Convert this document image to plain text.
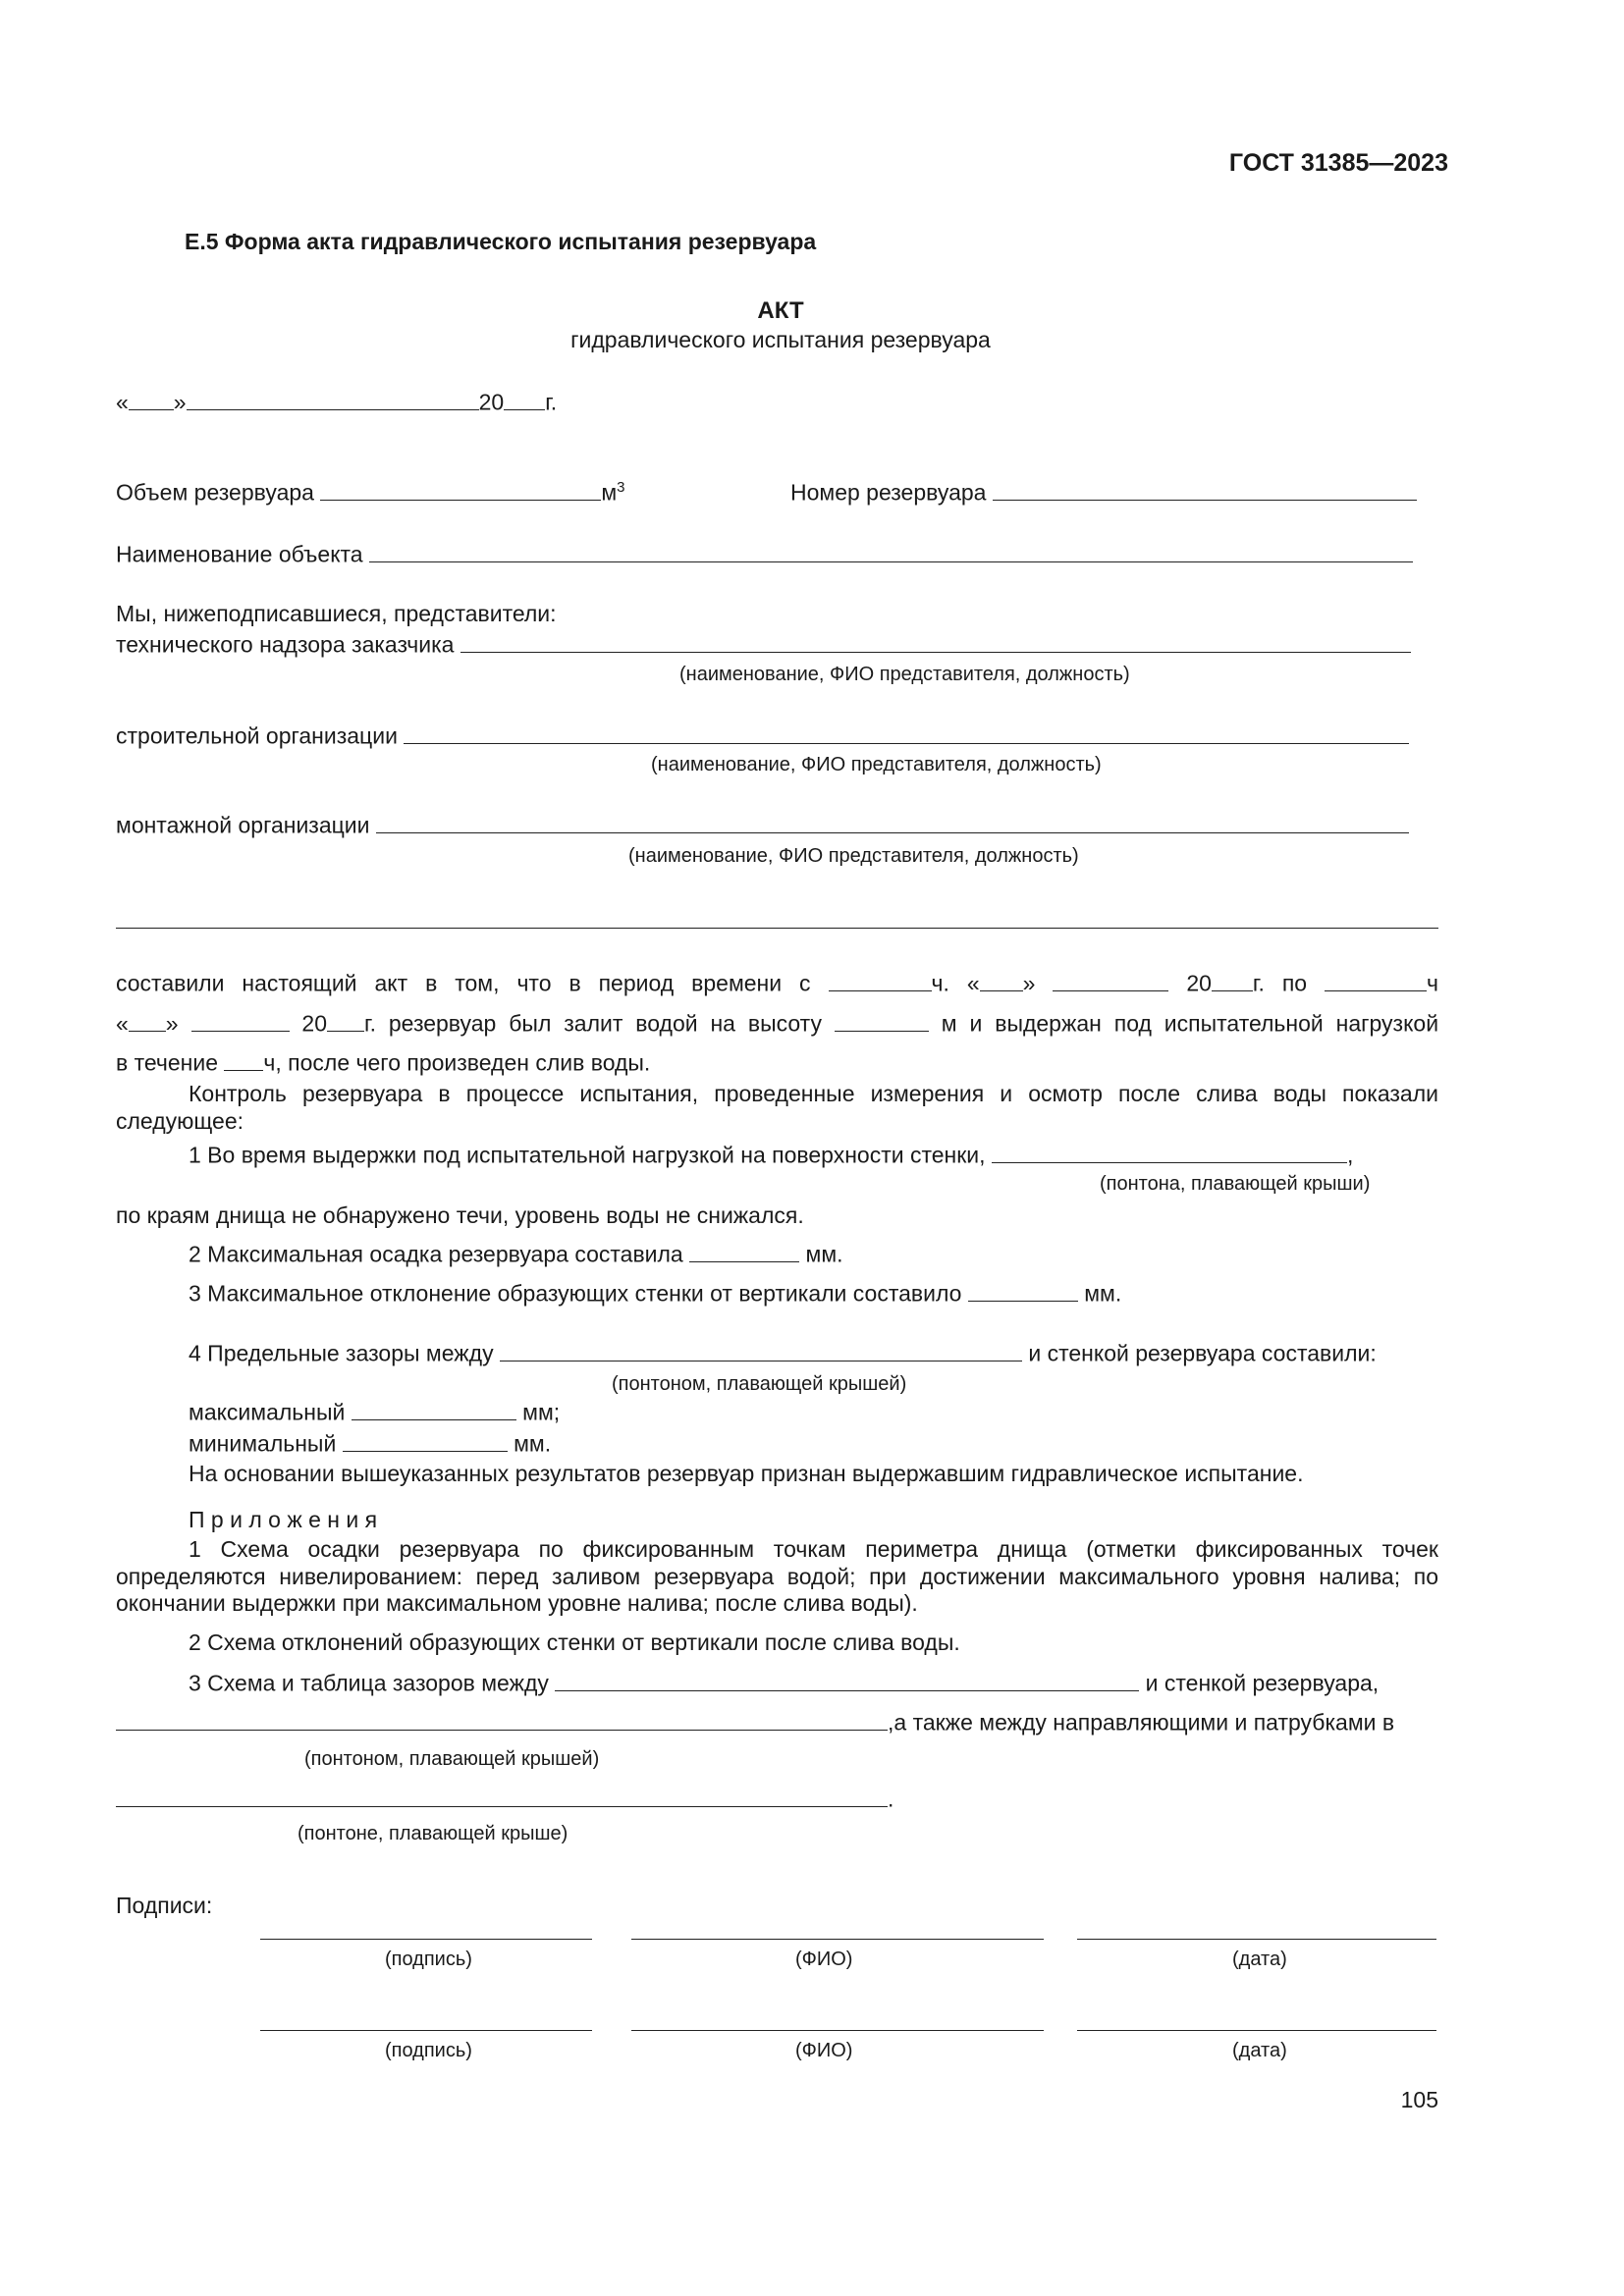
ГОСТ 31385—2023
Е.5 Форма акта гидравлического испытания резервуара
АКТ
гидравлического испытания резервуара
« »	20 г.
Объем резервуара	$м^3$	Номер резервуара
Наименование объекта
Мы, нижеподписавшиеся, представители:
технического надзора заказчика
(наименование, ФИО представителя, должность)
строительной организации
(наименование, ФИО представителя, должность)
монтажной организации
(наименование, ФИО представителя, должность)
составили настоящий акт в том, что в период времени с	ч. « »	20 г. по	ч
« »	20 г. резервуар был залит водой на высоту	м и выдержан под испытательной нагрузкой
в течение ч, после чего произведен слив воды.
Контроль резервуара в процессе испытания, проведенные измерения и осмотр после слива воды показали следующее:
1 Во время выдержки под испытательной нагрузкой на поверхности стенки,	,
(понтона, плавающей крыши)
по краям днища не обнаружено течи, уровень воды не снижался.
2 Максимальная осадка резервуара составила	мм.
3 Максимальное отклонение образующих стенки от вертикали составило	мм.
4 Предельные зазоры между	и стенкой резервуара составили:
(понтоном, плавающей крышей)
максимальный	мм;
минимальный	мм.
На основании вышеуказанных результатов резервуар признан выдержавшим гидравлическое испытание.
П р и л о ж е н и я
1 Схема осадки резервуара по фиксированным точкам периметра днища (отметки фиксированных точек определяются нивелированием: перед заливом резервуара водой; при достижении максимального уровня налива; по окончании выдержки при максимальном уровне налива; после слива воды).
2 Схема отклонений образующих стенки от вертикали после слива воды.
3 Схема и таблица зазоров между	и стенкой резервуара,
,а также между направляющими и патрубками в
(понтоном, плавающей крышей)
.
(понтоне, плавающей крыше)
Подписи:
(подпись)	(ФИО)	(дата)
(подпись)	(ФИО)	(дата)
105
